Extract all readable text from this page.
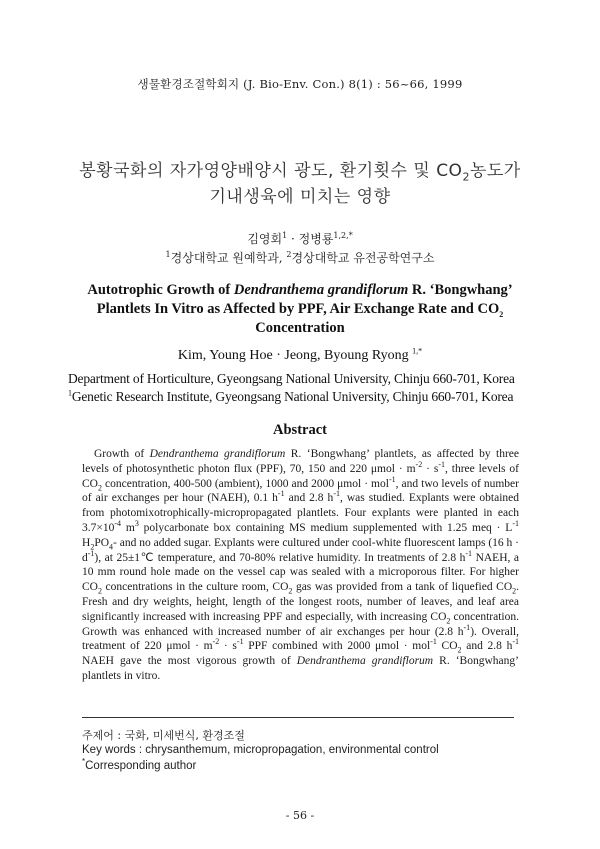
생물환경조절학회지 (J. Bio-Env. Con.) 8(1) : 56~66, 1999
봉황국화의 자가영양배양시 광도, 환기횟수 및 $CO_2$농도가
기내생육에 미치는 영향
김영회$^1$ · 정병룡$^{1,2,*}$
$^1$경상대학교 원예학과, $^2$경상대학교 유전공학연구소
Autotrophic Growth of Dendranthema grandiflorum R. ‘Bongwhang’ Plantlets In Vitro as Affected by PPF, Air Exchange Rate and $CO_2$ Concentration
Kim, Young Hoe · Jeong, Byoung Ryong $^{1,*}$
Department of Horticulture, Gyeongsang National University, Chinju 660-701, Korea
$^1$Genetic Research Institute, Gyeongsang National University, Chinju 660-701, Korea
Abstract
Growth of Dendranthema grandiflorum R. ‘Bongwhang’ plantlets, as affected by three levels of photosynthetic photon flux (PPF), 70, 150 and 220 $\mu mol \cdot m^{-2} \cdot s^{-1}$, three levels of $CO_2$ concentration, 400-500 (ambient), 1000 and 2000 μmol · mol$^{-1}$, and two levels of number of air exchanges per hour (NAEH), 0.1 $h^{-1}$ and 2.8 $h^{-1}$, was studied. Explants were obtained from photomixotrophically-micropropagated plantlets. Four explants were planted in each $3.7\times 10^{-4}$ $m^3$ polycarbonate box containing MS medium supplemented with 1.25 meq · $L^{-1}$ $H_2PO_4-$ and no added sugar. Explants were cultured under cool-white fluorescent lamps (16 $h \cdot d^{-1}$), at 25±1℃ temperature, and 70-80% relative humidity. In treatments of 2.8 $h^{-1}$ NAEH, a 10 mm round hole made on the vessel cap was sealed with a microporous filter. For higher $CO_2$ concentrations in the culture room, $CO_2$ gas was provided from a tank of liquefied $CO_2$. Fresh and dry weights, height, length of the longest roots, number of leaves, and leaf area significantly increased with increasing PPF and especially, with increasing $CO_2$ concentration. Growth was enhanced with increased number of air exchanges per hour (2.8 $h^{-1}$). Overall, treatment of 220 $\mu mol \cdot m^{-2} \cdot s^{-1}$ PPF combined with 2000 μmol · mol$^{-1}$ $CO_2$ and 2.8 $h^{-1}$ NAEH gave the most vigorous growth of Dendranthema grandiflorum R. ‘Bongwhang’ plantlets in vitro.
주제어 : 국화, 미세번식, 환경조절
Key words : chrysanthemum, micropropagation, environmental control
*Corresponding author
- 56 -
